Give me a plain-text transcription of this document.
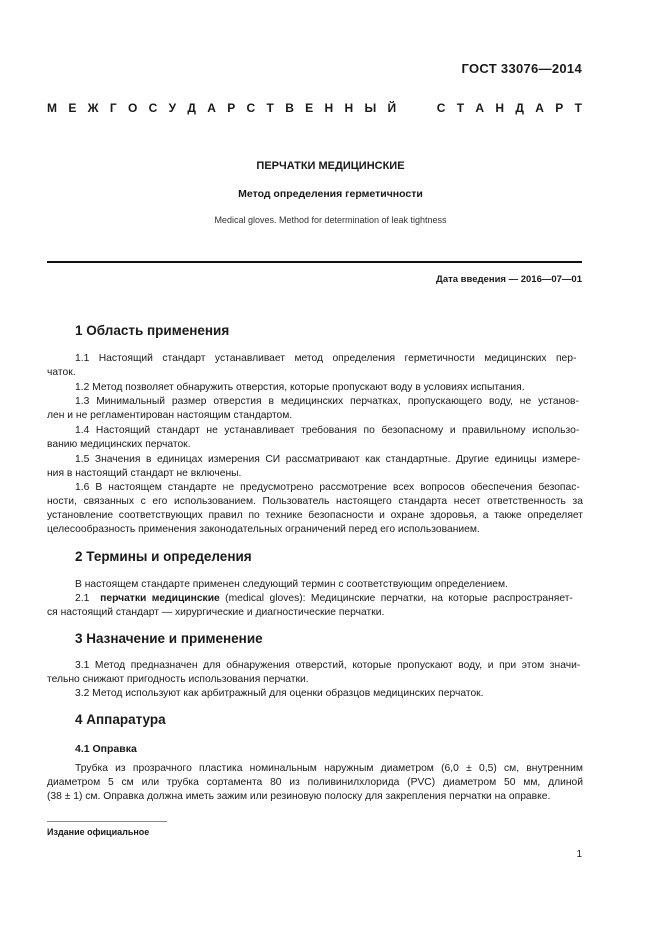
ГОСТ 33076—2014
М Е Ж Г О С У Д А Р С Т В Е Н Н Ы Й	С Т А Н Д А Р Т
ПЕРЧАТКИ МЕДИЦИНСКИЕ
Метод определения герметичности
Medical gloves. Method for determination of leak tightness
Дата введения — 2016—07—01
1 Область применения
1.1 Настоящий стандарт устанавливает метод определения герметичности медицинских пер-
чаток.
1.2 Метод позволяет обнаружить отверстия, которые пропускают воду в условиях испытания.
1.3 Минимальный размер отверстия в медицинских перчатках, пропускающего воду, не установ-
лен и не регламентирован настоящим стандартом.
1.4 Настоящий стандарт не устанавливает требования по безопасному и правильному использо-
ванию медицинских перчаток.
1.5 Значения в единицах измерения СИ рассматривают как стандартные. Другие единицы измере-
ния в настоящий стандарт не включены.
1.6 В настоящем стандарте не предусмотрено рассмотрение всех вопросов обеспечения безопас-
ности, связанных с его использованием. Пользователь настоящего стандарта несет ответственность за
установление соответствующих правил по технике безопасности и охране здоровья, а также определяет
целесообразность применения законодательных ограничений перед его использованием.
2 Термины и определения
В настоящем стандарте применен следующий термин с соответствующим определением.
2.1 перчатки медицинские (medical gloves): Медицинские перчатки, на которые распространяет-
ся настоящий стандарт — хирургические и диагностические перчатки.
3 Назначение и применение
3.1 Метод предназначен для обнаружения отверстий, которые пропускают воду, и при этом значи-
тельно снижают пригодность использования перчатки.
3.2 Метод используют как арбитражный для оценки образцов медицинских перчаток.
4 Аппаратура
4.1 Оправка
Трубка из прозрачного пластика номинальным наружным диаметром (6,0 ± 0,5) см, внутренним
диаметром 5 см или трубка сортамента 80 из поливинилхлорида (PVC) диаметром 50 мм, длиной
(38 ± 1) см. Оправка должна иметь зажим или резиновую полоску для закрепления перчатки на оправке.
Издание официальное
1
